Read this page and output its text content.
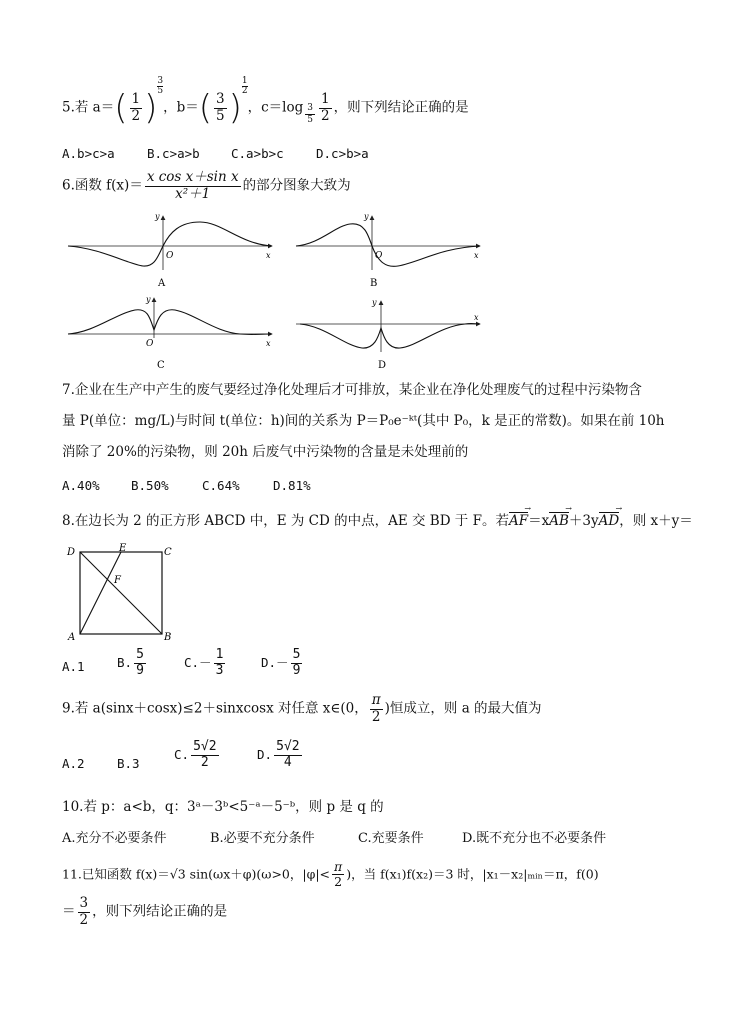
5.若 $a=( \frac{1}{2}$ )
$\frac{3}{5}$
，$b=( \frac{3}{5}$ )
$\frac{1}{2}$
，$c=\log \frac{3}{5} \frac{1}{2}$ ，则下列结论正确的是
A.b>c>a	B.c>a>b	C.a>b>c	D.c>b>a
6.函数 $f(x)= \frac{\text{x cos x＋sin x}}{\text{x²＋1}}$ 的部分图象大致为
O
y
x
A
O
y
x
B
O
y
x
C
y
x
D
7.企业在生产中产生的废气要经过净化处理后才可排放，某企业在净化处理废气的过程中污染物含
量 P(单位：mg/L)与时间 t(单位：h)间的关系为 P＝P₀e⁻ᵏᵗ(其中 P₀，k 是正的常数)。如果在前 10h
消除了 20%的污染物，则 20h 后废气中污染物的含量是未处理前的
A.40%	B.50%	C.64%	D.81%
8.在边长为 2 的正方形 ABCD 中，E 为 CD 的中点，AE 交 BD 于 F。若AF →＝xAB →＋3yAD →，则 x＋y＝
D	E	C
F
A	B
A.1	B. $\frac{5}{9}$	$C.- \frac{1}{3}$	$D.- \frac{5}{9}$
9.若 a(sinx＋cosx)≤2＋sinxcosx 对任意 x∈(0， $\frac{\pi}{2}$ )恒成立，则 a 的最大值为
A.2	B.3
C. $\frac{5√2}{2}$	D. $\frac{5√2}{4}$
10.若 p：a<b，q：3ᵃ－3ᵇ<5⁻ᵃ－5⁻ᵇ，则 p 是 q 的
A.充分不必要条件	B.必要不充分条件	C.充要条件	D.既不充分也不必要条件
11.已知函数 f(x)＝√3 sin(ωx＋φ)(ω>0，$|\varphi|< \frac{\pi}{2}$ )，当 f(x₁)f(x₂)＝3 时，|x₁－x₂|ₘᵢₙ＝π，f(0)
＝ $\frac{3}{2}$ ，则下列结论正确的是
